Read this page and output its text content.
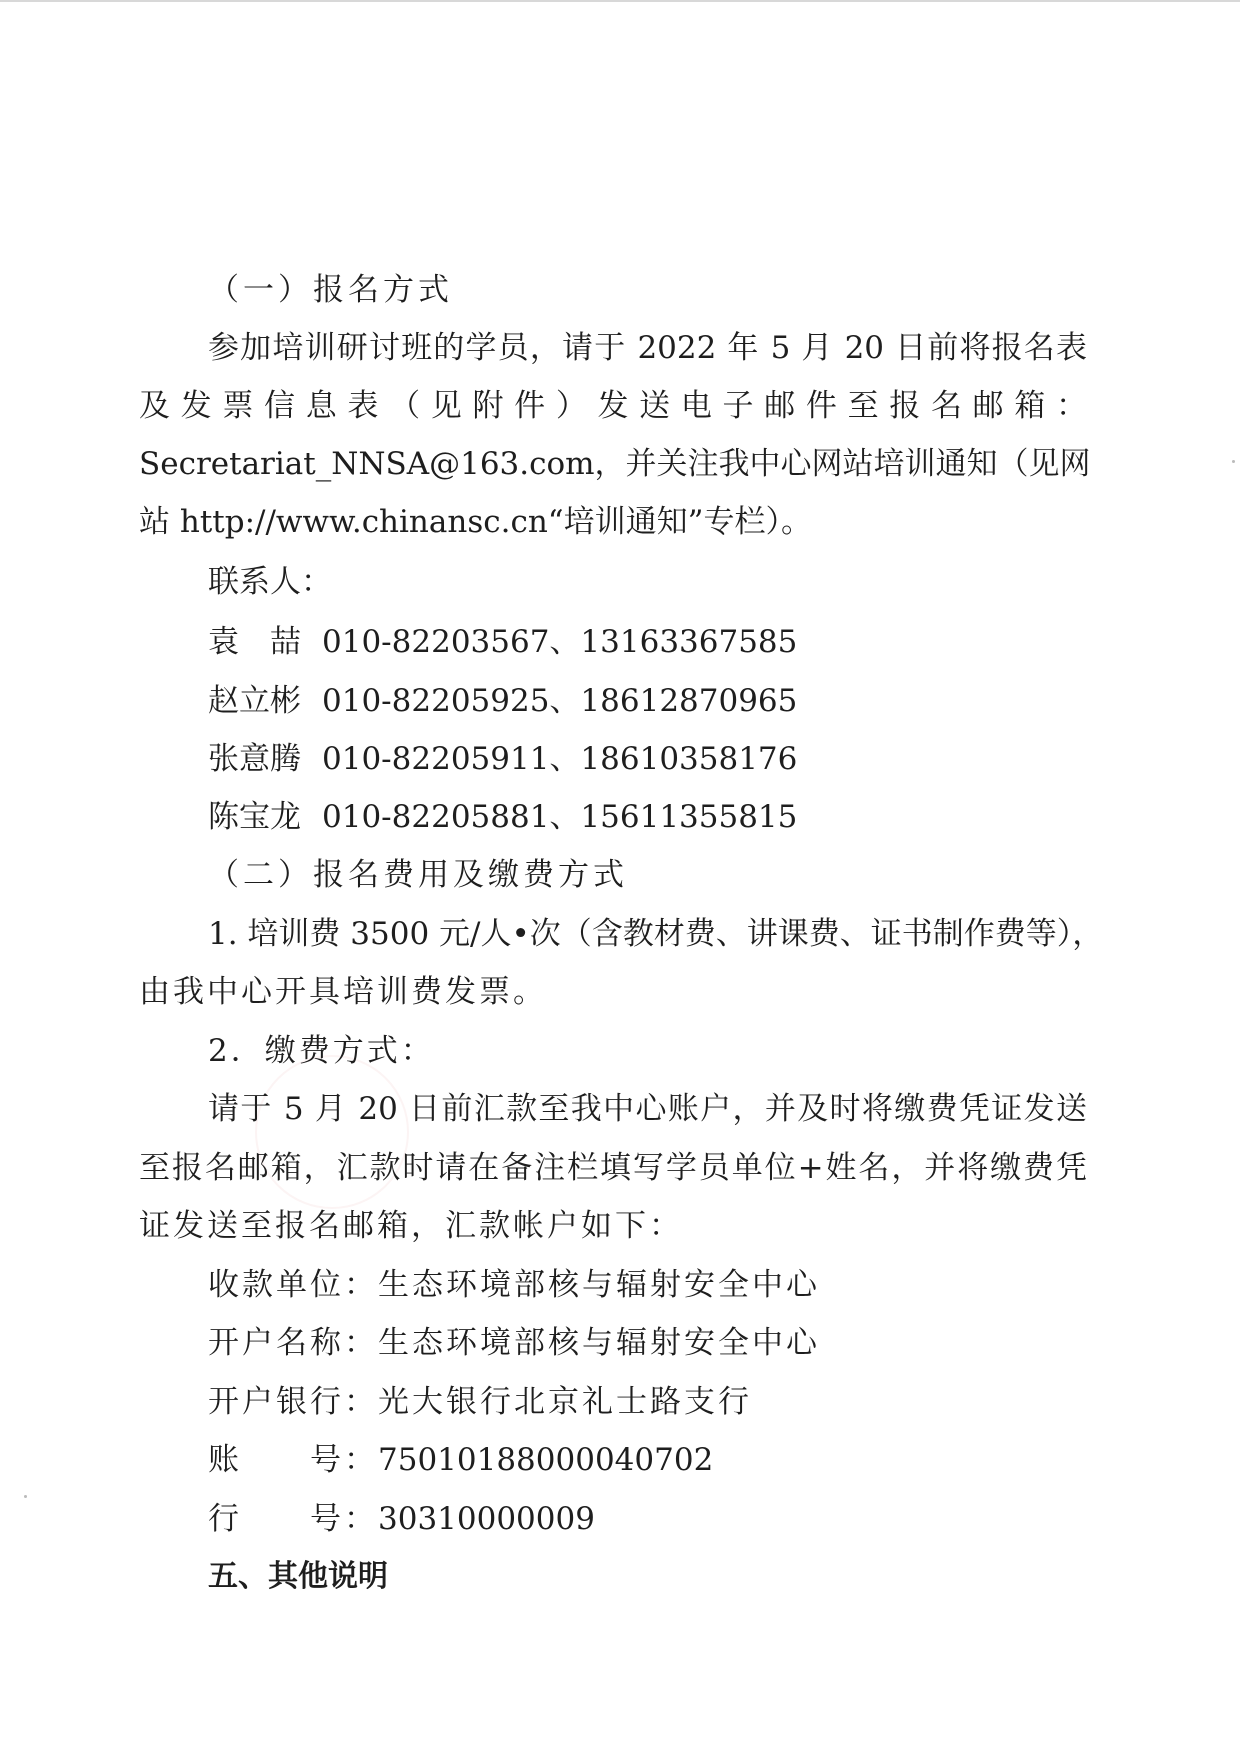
（一）报名方式
参加培训研讨班的学员，请于 2022 年 5 月 20 日前将报名表
及发票信息表（见附件）发送电子邮件至报名邮箱：
Secretariat_NNSA@163.com，并关注我中心网站培训通知（见网
站 http://www.chinansc.cn“培训通知”专栏）。
联系人：
袁　喆 010-82203567、13163367585
赵立彬 010-82205925、18612870965
张意腾 010-82205911、18610358176
陈宝龙 010-82205881、15611355815
（二）报名费用及缴费方式
1. 培训费 3500 元/人•次（含教材费、讲课费、证书制作费等），
由我中心开具培训费发票。
2．缴费方式：
请于 5 月 20 日前汇款至我中心账户，并及时将缴费凭证发送
至报名邮箱，汇款时请在备注栏填写学员单位+姓名，并将缴费凭
证发送至报名邮箱，汇款帐户如下：
收款单位：生态环境部核与辐射安全中心
开户名称：生态环境部核与辐射安全中心
开户银行：光大银行北京礼士路支行
账　　号：75010188000040702
行　　号：30310000009
五、其他说明
